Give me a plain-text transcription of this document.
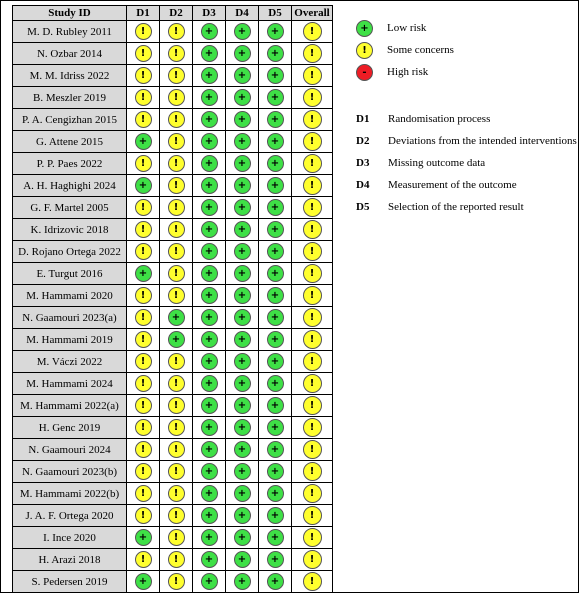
Study ID	D1	D2	D3	D4	D5	Overall
M. D. Rubley 2011	!	!	+	+	+	!
N. Ozbar 2014	!	!	+	+	+	!
M. M. Idriss 2022	!	!	+	+	+	!
B. Meszler 2019	!	!	+	+	+	!
P. A. Cengizhan 2015	!	!	+	+	+	!
G. Attene 2015	+	!	+	+	+	!
P. P. Paes 2022	!	!	+	+	+	!
A. H. Haghighi 2024	+	!	+	+	+	!
G. F. Martel 2005	!	!	+	+	+	!
K. Idrizovic 2018	!	!	+	+	+	!
D. Rojano Ortega 2022	!	!	+	+	+	!
E. Turgut 2016	+	!	+	+	+	!
M. Hammami 2020	!	!	+	+	+	!
N. Gaamouri 2023(a)	!	+	+	+	+	!
M. Hammami 2019	!	+	+	+	+	!
M. Váczi 2022	!	!	+	+	+	!
M. Hammami 2024	!	!	+	+	+	!
M. Hammami 2022(a)	!	!	+	+	+	!
H. Genc 2019	!	!	+	+	+	!
N. Gaamouri 2024	!	!	+	+	+	!
N. Gaamouri 2023(b)	!	!	+	+	+	!
M. Hammami 2022(b)	!	!	+	+	+	!
J. A. F. Ortega 2020	!	!	+	+	+	!
I. Ince 2020	+	!	+	+	+	!
H. Arazi 2018	!	!	+	+	+	!
S. Pedersen 2019	+	!	+	+	+	!
+	Low risk
!	Some concerns
-	High risk
D1 Randomisation process
D2 Deviations from the intended interventions
D3 Missing outcome data
D4 Measurement of the outcome
D5 Selection of the reported result
